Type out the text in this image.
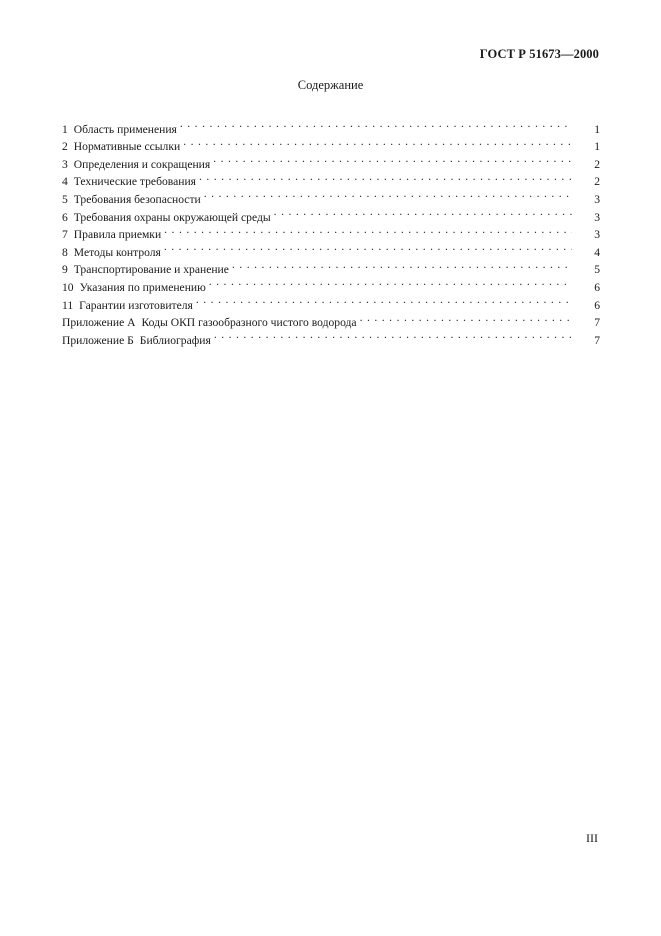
ГОСТ Р 51673—2000
Содержание
1 Область применения . . .	1
2 Нормативные ссылки . . .	1
3 Определения и сокращения . . .	2
4 Технические требования . . .	2
5 Требования безопасности . . .	3
6 Требования охраны окружающей среды . . .	3
7 Правила приемки . . .	3
8 Методы контроля . . .	4
9 Транспортирование и хранение . . .	5
10 Указания по применению . . .	6
11 Гарантии изготовителя . . .	6
Приложение А Коды ОКП газообразного чистого водорода . . .	7
Приложение Б Библиография . . .	7
III
